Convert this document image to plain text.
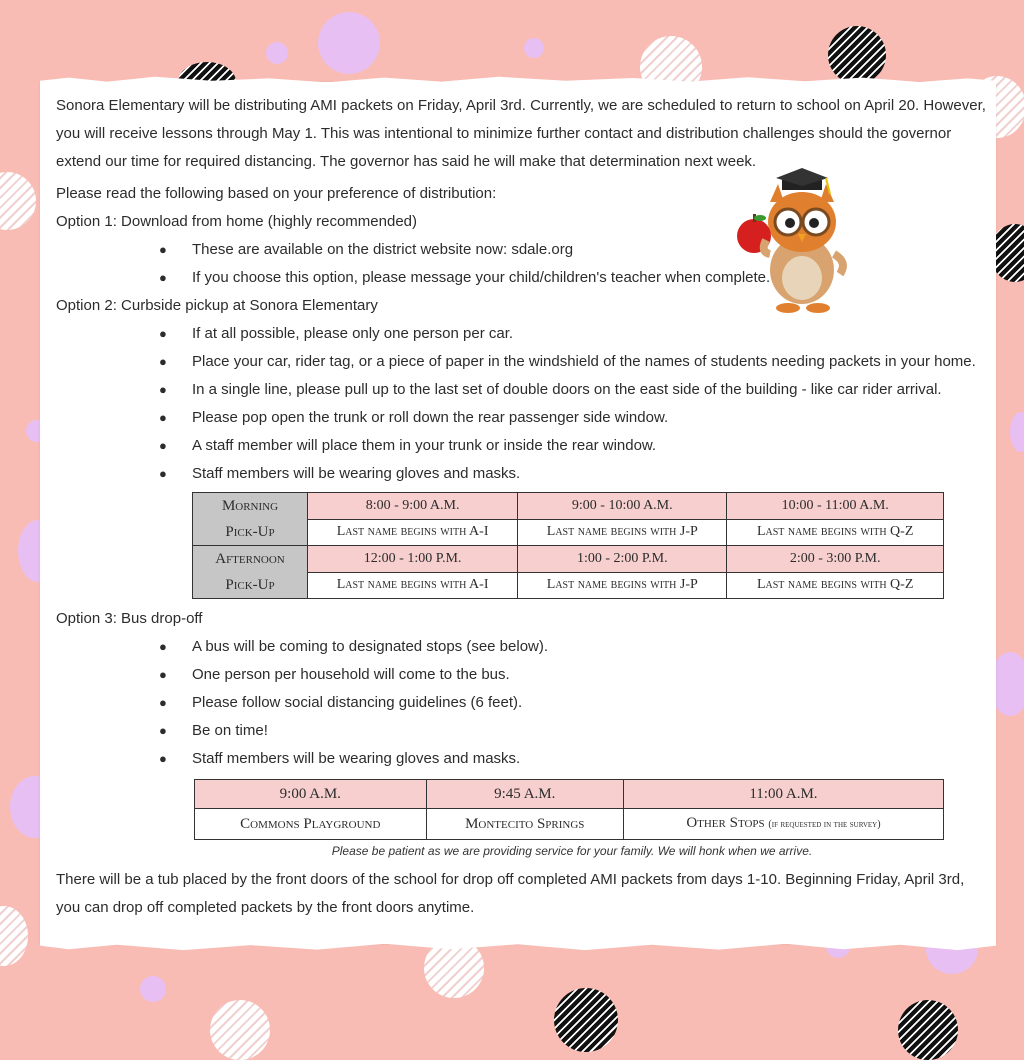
Sonora Elementary will be distributing AMI packets on Friday, April 3rd. Currently, we are scheduled to return to school on April 20. However, you will receive lessons through May 1. This was intentional to minimize further contact and distribution challenges should the governor extend our time for required distancing. The governor has said he will make that determination next week.

Please read the following based on your preference of distribution:

Option 1: Download from home (highly recommended)

● These are available on the district website now: sdale.org
● If you choose this option, please message your child/children's teacher when complete.

Option 2: Curbside pickup at Sonora Elementary

● If at all possible, please only one person per car.
● Place your car, rider tag, or a piece of paper in the windshield of the names of students needing packets in your home.
● In a single line, please pull up to the last set of double doors on the east side of the building - like car rider arrival.
● Please pop open the trunk or roll down the rear passenger side window.
● A staff member will place them in your trunk or inside the rear window.
● Staff members will be wearing gloves and masks.
Morning
Pick-Up	8:00 - 9:00 A.M.	9:00 - 10:00 A.M.	10:00 - 11:00 A.M.
	Last name begins with A-I	Last name begins with J-P	Last name begins with Q-Z
Afternoon
Pick-Up	12:00 - 1:00 P.M.	1:00 - 2:00 P.M.	2:00 - 3:00 P.M.
	Last name begins with A-I	Last name begins with J-P	Last name begins with Q-Z

Option 3: Bus drop-off

● A bus will be coming to designated stops (see below).
● One person per household will come to the bus.
● Please follow social distancing guidelines (6 feet).
● Be on time!
● Staff members will be wearing gloves and masks.
9:00 A.M.	9:45 A.M.	11:00 A.M.
Commons Playground	Montecito Springs	Other Stops (if requested in the survey)
Please be patient as we are providing service for your family. We will honk when we arrive.

There will be a tub placed by the front doors of the school for drop off completed AMI packets from days 1-10. Beginning Friday, April 3rd, you can drop off completed packets by the front doors anytime.
